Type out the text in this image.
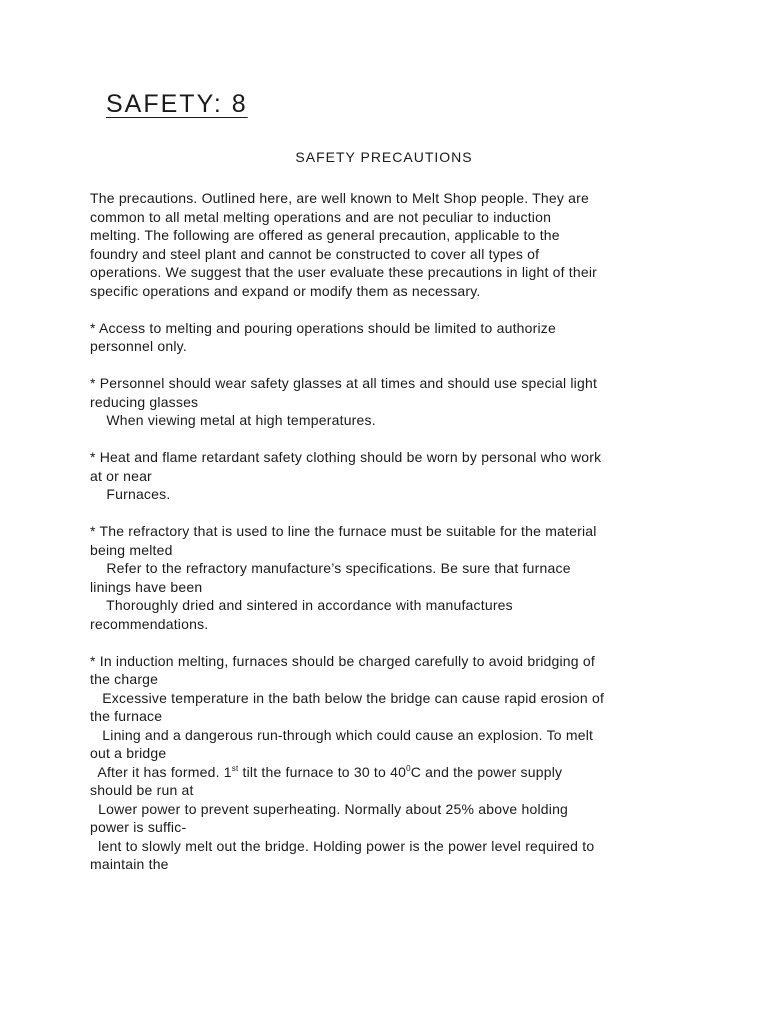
SAFETY: 8
SAFETY PRECAUTIONS
The precautions. Outlined here, are well known to Melt Shop people. They are
common to all metal melting operations and are not peculiar to induction
melting. The following are offered as general precaution, applicable to the
foundry and steel plant and cannot be constructed to cover all types of
operations. We suggest that the user evaluate these precautions in light of their
specific operations and expand or modify them as necessary.
* Access to melting and pouring operations should be limited to authorize
personnel only.
* Personnel should wear safety glasses at all times and should use special light
reducing glasses
When viewing metal at high temperatures.
* Heat and flame retardant safety clothing should be worn by personal who work
at or near
Furnaces.
* The refractory that is used to line the furnace must be suitable for the material
being melted
Refer to the refractory manufacture’s specifications. Be sure that furnace
linings have been
Thoroughly dried and sintered in accordance with manufactures
recommendations.
* In induction melting, furnaces should be charged carefully to avoid bridging of
the charge
Excessive temperature in the bath below the bridge can cause rapid erosion of
the furnace
Lining and a dangerous run-through which could cause an explosion. To melt
out a bridge
After it has formed. 1st tilt the furnace to 30 to $40^0C$ and the power supply
should be run at
Lower power to prevent superheating. Normally about 25% above holding
power is suffic-
lent to slowly melt out the bridge. Holding power is the power level required to
maintain the
